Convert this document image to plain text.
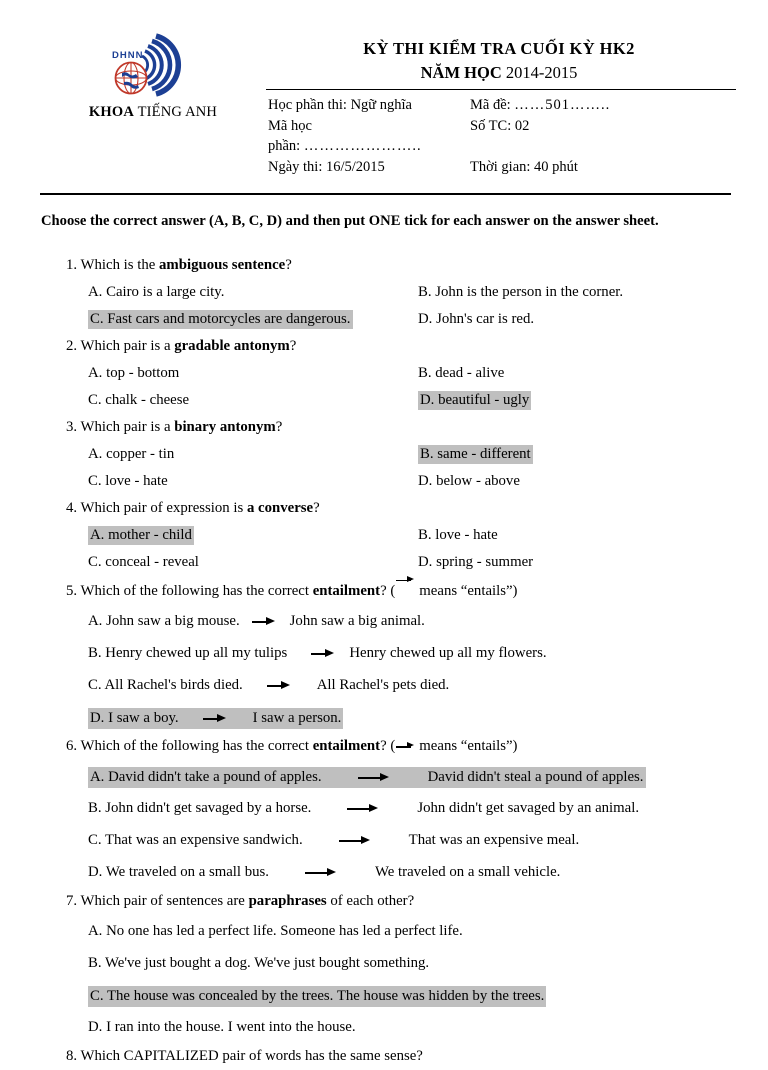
DHNN
KHOA TIẾNG ANH
KỲ THI KIỂM TRA CUỐI KỲ HK2
NĂM HỌC 2014-2015
Học phần thi: Ngữ nghĩa	Mã đề: ……501……..
Mã học	Số TC: 02
phần: …………………..
Ngày thi: 16/5/2015	Thời gian: 40 phút
Choose the correct answer (A, B, C, D) and then put ONE tick for each answer on the answer sheet.
1. Which is the ambiguous sentence?
A. Cairo is a large city.	B. John is the person in the corner.
C. Fast cars and motorcycles are dangerous.	D. John's car is red.
2. Which pair is a gradable antonym?
A. top - bottom	B. dead - alive
C. chalk - cheese	D. beautiful - ugly
3. Which pair is a binary antonym?
A. copper - tin	B. same - different
C. love - hate	D. below - above
4. Which pair of expression is a converse?
A. mother - child	B. love - hate
C. conceal - reveal	D. spring - summer
5. Which of the following has the correct entailment? ( means “entails”)
A. John saw a big mouse.	John saw a big animal.
B. Henry chewed up all my tulips	Henry chewed up all my flowers.
C. All Rachel's birds died.	All Rachel's pets died.
D. I saw a boy.	I saw a person.
6. Which of the following has the correct entailment? ( means “entails”)
A. David didn't take a pound of apples.	David didn't steal a pound of apples.
B. John didn't get savaged by a horse.	John didn't get savaged by an animal.
C. That was an expensive sandwich.	That was an expensive meal.
D. We traveled on a small bus.	We traveled on a small vehicle.
7. Which pair of sentences are paraphrases of each other?
A. No one has led a perfect life. Someone has led a perfect life.
B. We've just bought a dog. We've just bought something.
C. The house was concealed by the trees. The house was hidden by the trees.
D. I ran into the house. I went into the house.
8. Which CAPITALIZED pair of words has the same sense?
